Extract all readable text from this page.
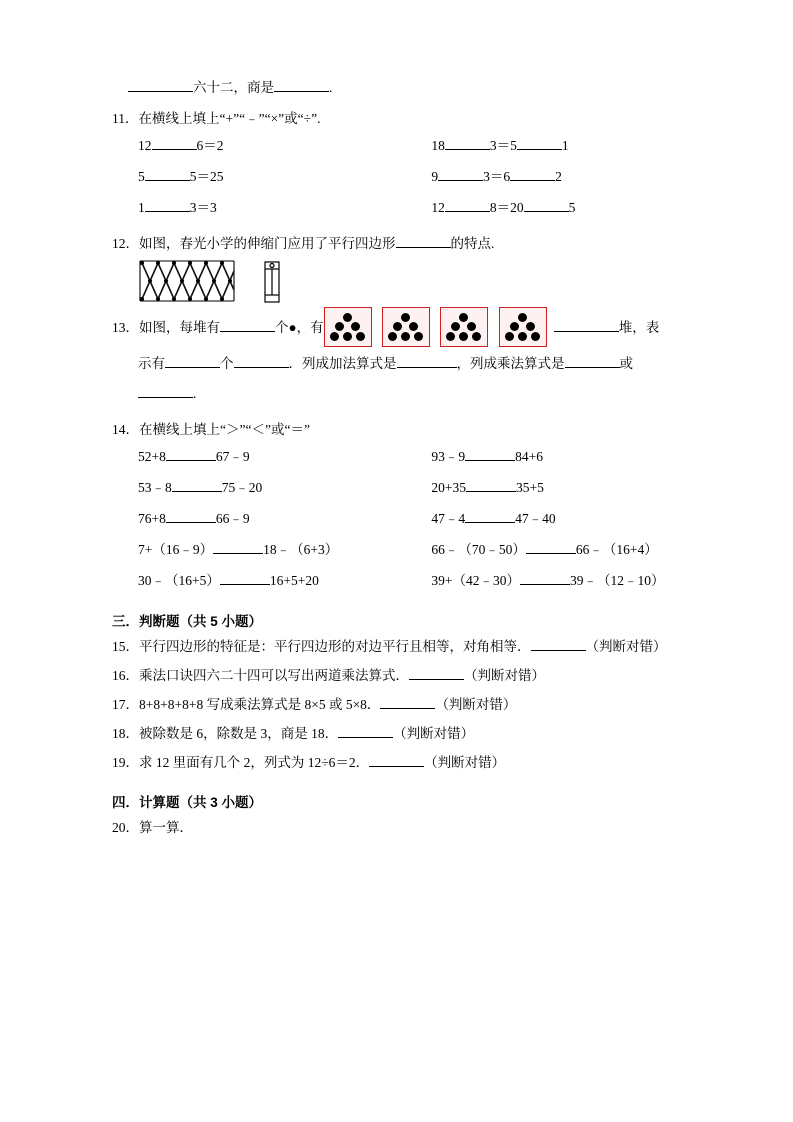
六十二，商是	.
11．在横线上填上“+”“﹣”“×”或“÷”.
12	6＝2	18	3＝5	1
5	5＝25	9	3＝6	2
1	3＝3	12	8＝20	5
12．如图，春光小学的伸缩门应用了平行四边形	的特点.
13．如图，每堆有	个●，有

	堆，表
示有	个	．列成加法算式是	，列成乘法算式是	或.
14．在横线上填上“＞”“＜”或“＝”
52+8	67﹣9	93﹣9	84+6
53﹣8	75﹣20	20+35	35+5
76+8	66﹣9	47﹣4	47﹣40
7+（16﹣9）	18﹣（6+3）	66﹣（70﹣50）	66﹣（16+4）
30﹣（16+5）	16+5+20	39+（42﹣30）	39﹣（12﹣10）
三．判断题（共 5 小题）
15．平行四边形的特征是：平行四边形的对边平行且相等，对角相等．	（判断对错）
16．乘法口诀四六二十四可以写出两道乘法算式．	（判断对错）
17．8+8+8+8+8 写成乘法算式是 8×5 或 5×8．	（判断对错）
18．被除数是 6，除数是 3，商是 18．	（判断对错）
19．求 12 里面有几个 2，列式为 12÷6＝2．	（判断对错）
四．计算题（共 3 小题）
20．算一算．
